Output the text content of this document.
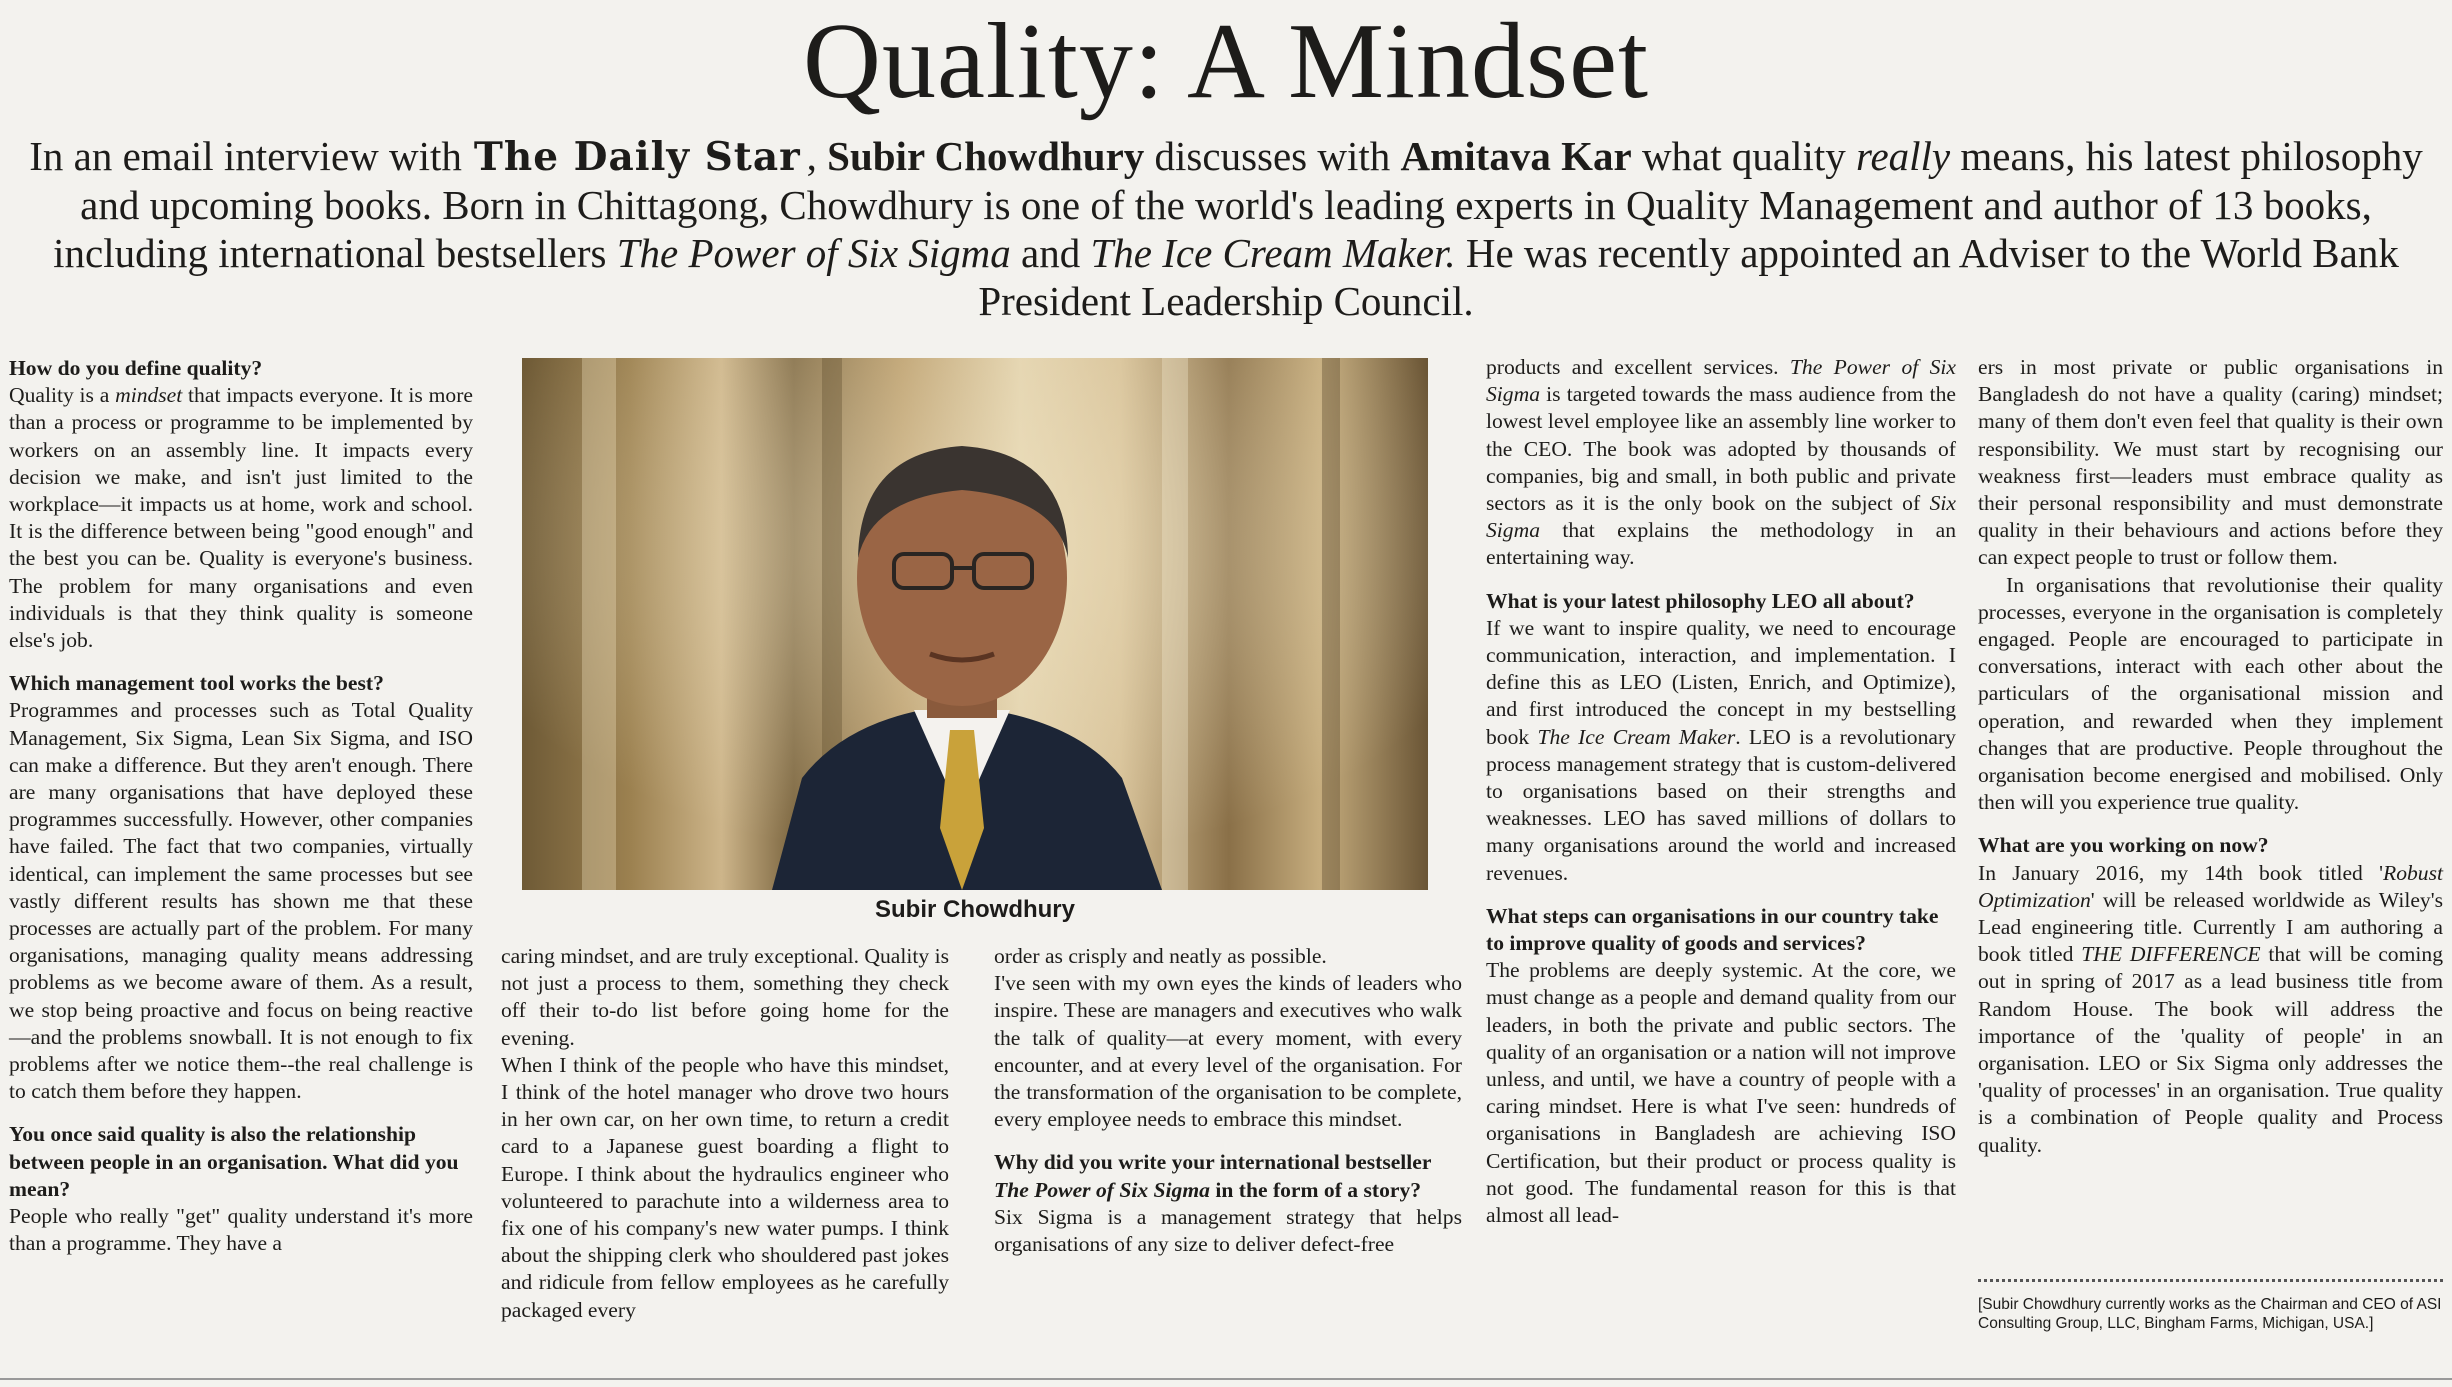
Quality: A Mindset

In an email interview with The Daily Star , Subir Chowdhury discusses with Amitava Kar what quality really means, his latest philosophy and upcoming books. Born in Chittagong, Chowdhury is one of the world's leading experts in Quality Management and author of 13 books, including international bestsellers The Power of Six Sigma and The Ice Cream Maker. He was recently appointed an Adviser to the World Bank President Leadership Council.

How do you define quality?

Quality is a mindset that impacts everyone. It is more than a process or programme to be implemented by workers on an assembly line. It impacts every decision we make, and isn't just limited to the workplace—it impacts us at home, work and school. It is the difference between being "good enough" and the best you can be. Quality is everyone's business. The problem for many organisations and even individuals is that they think quality is someone else's job.

Which management tool works the best?

Programmes and processes such as Total Quality Management, Six Sigma, Lean Six Sigma, and ISO can make a difference. But they aren't enough. There are many organisations that have deployed these programmes successfully. However, other companies have failed. The fact that two companies, virtually identical, can implement the same processes but see vastly different results has shown me that these processes are actually part of the problem. For many organisations, managing quality means addressing problems as we become aware of them. As a result, we stop being proactive and focus on being reactive—and the problems snowball. It is not enough to fix problems after we notice them--the real challenge is to catch them before they happen.

You once said quality is also the relationship between people in an organisation. What did you mean?

People who really "get" quality understand it's more than a programme. They have a

Subir Chowdhury

caring mindset, and are truly exceptional. Quality is not just a process to them, something they check off their to-do list before going home for the evening.

When I think of the people who have this mindset, I think of the hotel manager who drove two hours in her own car, on her own time, to return a credit card to a Japanese guest boarding a flight to Europe. I think about the hydraulics engineer who volunteered to parachute into a wilderness area to fix one of his company's new water pumps. I think about the shipping clerk who shouldered past jokes and ridicule from fellow employees as he carefully packaged every

order as crisply and neatly as possible.

I've seen with my own eyes the kinds of leaders who inspire. These are managers and executives who walk the talk of quality—at every moment, with every encounter, and at every level of the organisation. For the transformation of the organisation to be complete, every employee needs to embrace this mindset.

Why did you write your international bestseller The Power of Six Sigma in the form of a story?

Six Sigma is a management strategy that helps organisations of any size to deliver defect-free

products and excellent services. The Power of Six Sigma is targeted towards the mass audience from the lowest level employee like an assembly line worker to the CEO. The book was adopted by thousands of companies, big and small, in both public and private sectors as it is the only book on the subject of Six Sigma that explains the methodology in an entertaining way.

What is your latest philosophy LEO all about?

If we want to inspire quality, we need to encourage communication, interaction, and implementation. I define this as LEO (Listen, Enrich, and Optimize), and first introduced the concept in my bestselling book The Ice Cream Maker. LEO is a revolutionary process management strategy that is custom-delivered to organisations based on their strengths and weaknesses. LEO has saved millions of dollars to many organisations around the world and increased revenues.

What steps can organisations in our country take to improve quality of goods and services?

The problems are deeply systemic. At the core, we must change as a people and demand quality from our leaders, in both the private and public sectors. The quality of an organisation or a nation will not improve unless, and until, we have a country of people with a caring mindset. Here is what I've seen: hundreds of organisations in Bangladesh are achieving ISO Certification, but their product or process quality is not good. The fundamental reason for this is that almost all lead-

ers in most private or public organisations in Bangladesh do not have a quality (caring) mindset; many of them don't even feel that quality is their own responsibility. We must start by recognising our weakness first—leaders must embrace quality as their personal responsibility and must demonstrate quality in their behaviours and actions before they can expect people to trust or follow them.

In organisations that revolutionise their quality processes, everyone in the organisation is completely engaged. People are encouraged to participate in conversations, interact with each other about the particulars of the organisational mission and operation, and rewarded when they implement changes that are productive. People throughout the organisation become energised and mobilised. Only then will you experience true quality.

What are you working on now?

In January 2016, my 14th book titled 'Robust Optimization' will be released worldwide as Wiley's Lead engineering title. Currently I am authoring a book titled THE DIFFERENCE that will be coming out in spring of 2017 as a lead business title from Random House. The book will address the importance of the 'quality of people' in an organisation. LEO or Six Sigma only addresses the 'quality of processes' in an organisation. True quality is a combination of People quality and Process quality.

[Subir Chowdhury currently works as the Chairman and CEO of ASI Consulting Group, LLC, Bingham Farms, Michigan, USA.]
